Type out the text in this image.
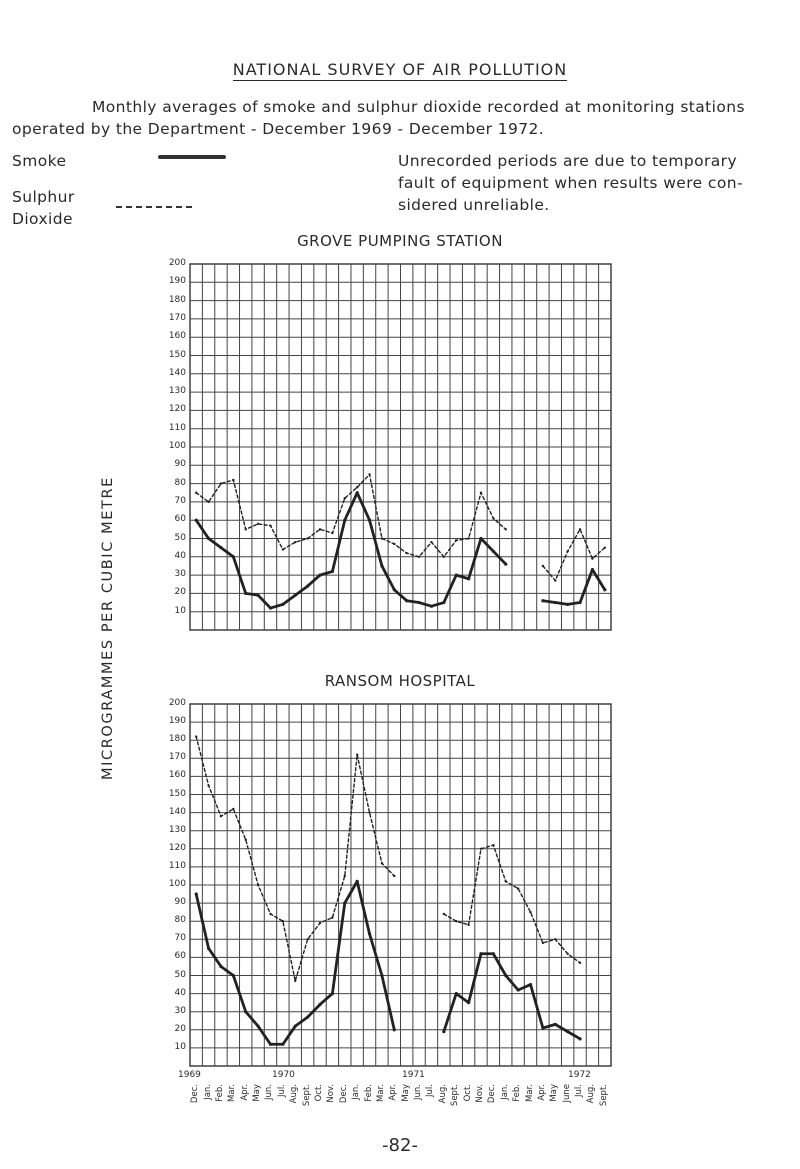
NATIONAL SURVEY OF AIR POLLUTION
Monthly averages of smoke and sulphur dioxide recorded at monitoring stations
operated by the Department - December 1969 - December 1972.
Smoke
Sulphur
Dioxide
Unrecorded periods are due to temporary
fault of equipment when results were con-
sidered unreliable.
MICROGRAMMES PER CUBIC METRE
-82-
10
20
30
40
50
60
70
80
90
100
110
120
130
140
150
160
170
180
190
200
GROVE PUMPING STATION
10
20
30
40
50
60
70
80
90
100
110
120
130
140
150
160
170
180
190
200
RANSOM HOSPITAL
Dec. Jan. Feb. Mar. Apr. May Jun. Jul. Aug. Sept. Oct. Nov. Dec. Jan. Feb. Mar. Apr. May Jun. Jul. Aug. Sept. Oct. Nov. Dec. Jan. Feb. Mar. Apr. May June Jul. Aug. Sept.
1969	1970	1971	1972
